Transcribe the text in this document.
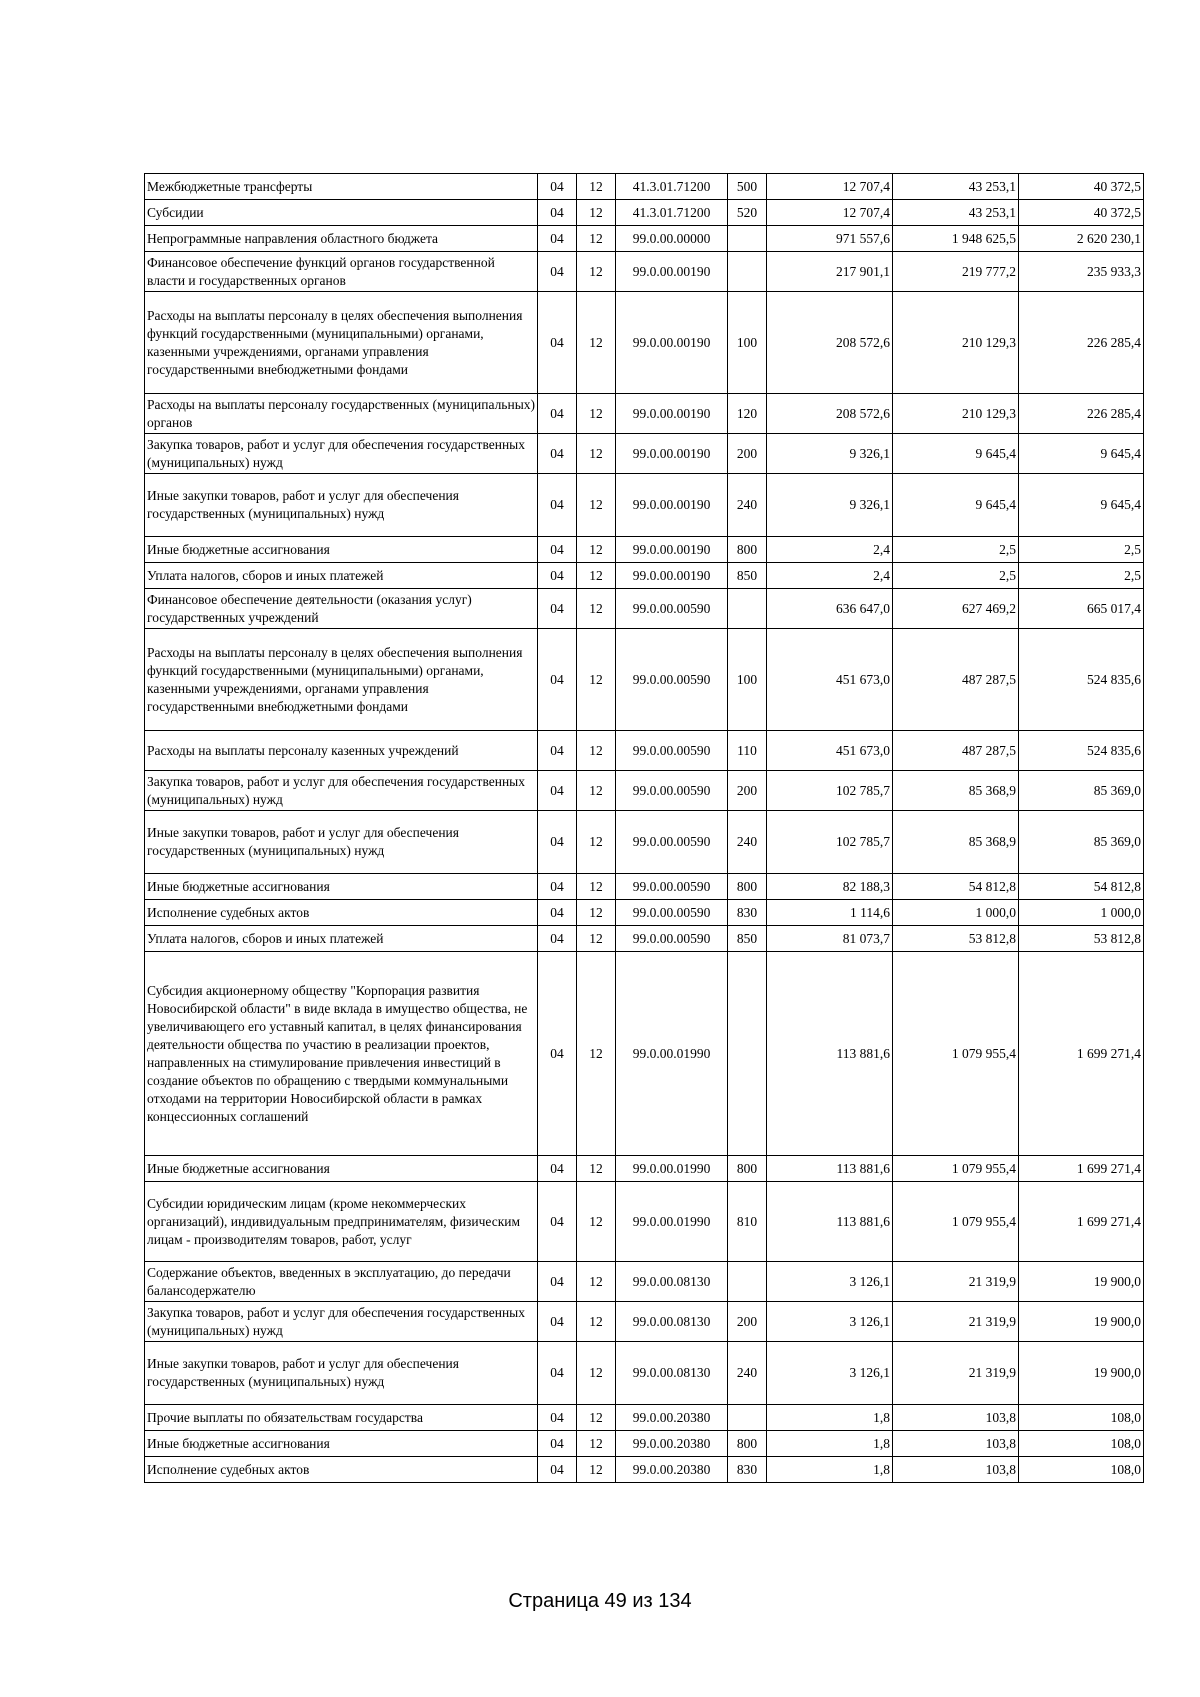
Межбюджетные трансферты	04	12	41.3.01.71200	500	12 707,4	43 253,1	40 372,5
Субсидии	04	12	41.3.01.71200	520	12 707,4	43 253,1	40 372,5
Непрограммные направления областного бюджета	04	12	99.0.00.00000		971 557,6	1 948 625,5	2 620 230,1
Финансовое обеспечение функций органов государственной власти и государственных органов	04	12	99.0.00.00190		217 901,1	219 777,2	235 933,3
Расходы на выплаты персоналу в целях обеспечения выполнения функций государственными (муниципальными) органами, казенными учреждениями, органами управления государственными внебюджетными фондами	04	12	99.0.00.00190	100	208 572,6	210 129,3	226 285,4
Расходы на выплаты персоналу государственных (муниципальных) органов	04	12	99.0.00.00190	120	208 572,6	210 129,3	226 285,4
Закупка товаров, работ и услуг для обеспечения государственных (муниципальных) нужд	04	12	99.0.00.00190	200	9 326,1	9 645,4	9 645,4
Иные закупки товаров, работ и услуг для обеспечения государственных (муниципальных) нужд	04	12	99.0.00.00190	240	9 326,1	9 645,4	9 645,4
Иные бюджетные ассигнования	04	12	99.0.00.00190	800	2,4	2,5	2,5
Уплата налогов, сборов и иных платежей	04	12	99.0.00.00190	850	2,4	2,5	2,5
Финансовое обеспечение деятельности (оказания услуг) государственных учреждений	04	12	99.0.00.00590		636 647,0	627 469,2	665 017,4
Расходы на выплаты персоналу в целях обеспечения выполнения функций государственными (муниципальными) органами, казенными учреждениями, органами управления государственными внебюджетными фондами	04	12	99.0.00.00590	100	451 673,0	487 287,5	524 835,6
Расходы на выплаты персоналу казенных учреждений	04	12	99.0.00.00590	110	451 673,0	487 287,5	524 835,6
Закупка товаров, работ и услуг для обеспечения государственных (муниципальных) нужд	04	12	99.0.00.00590	200	102 785,7	85 368,9	85 369,0
Иные закупки товаров, работ и услуг для обеспечения государственных (муниципальных) нужд	04	12	99.0.00.00590	240	102 785,7	85 368,9	85 369,0
Иные бюджетные ассигнования	04	12	99.0.00.00590	800	82 188,3	54 812,8	54 812,8
Исполнение судебных актов	04	12	99.0.00.00590	830	1 114,6	1 000,0	1 000,0
Уплата налогов, сборов и иных платежей	04	12	99.0.00.00590	850	81 073,7	53 812,8	53 812,8
Субсидия акционерному обществу "Корпорация развития Новосибирской области" в виде вклада в имущество общества, не увеличивающего его уставный капитал, в целях финансирования деятельности общества по участию в реализации проектов, направленных на стимулирование привлечения инвестиций в создание объектов по обращению с твердыми коммунальными отходами на территории Новосибирской области в рамках концессионных соглашений	04	12	99.0.00.01990		113 881,6	1 079 955,4	1 699 271,4
Иные бюджетные ассигнования	04	12	99.0.00.01990	800	113 881,6	1 079 955,4	1 699 271,4
Субсидии юридическим лицам (кроме некоммерческих организаций), индивидуальным предпринимателям, физическим лицам - производителям товаров, работ, услуг	04	12	99.0.00.01990	810	113 881,6	1 079 955,4	1 699 271,4
Содержание объектов, введенных в эксплуатацию, до передачи балансодержателю	04	12	99.0.00.08130		3 126,1	21 319,9	19 900,0
Закупка товаров, работ и услуг для обеспечения государственных (муниципальных) нужд	04	12	99.0.00.08130	200	3 126,1	21 319,9	19 900,0
Иные закупки товаров, работ и услуг для обеспечения государственных (муниципальных) нужд	04	12	99.0.00.08130	240	3 126,1	21 319,9	19 900,0
Прочие выплаты по обязательствам государства	04	12	99.0.00.20380		1,8	103,8	108,0
Иные бюджетные ассигнования	04	12	99.0.00.20380	800	1,8	103,8	108,0
Исполнение судебных актов	04	12	99.0.00.20380	830	1,8	103,8	108,0
Страница 49 из 134
